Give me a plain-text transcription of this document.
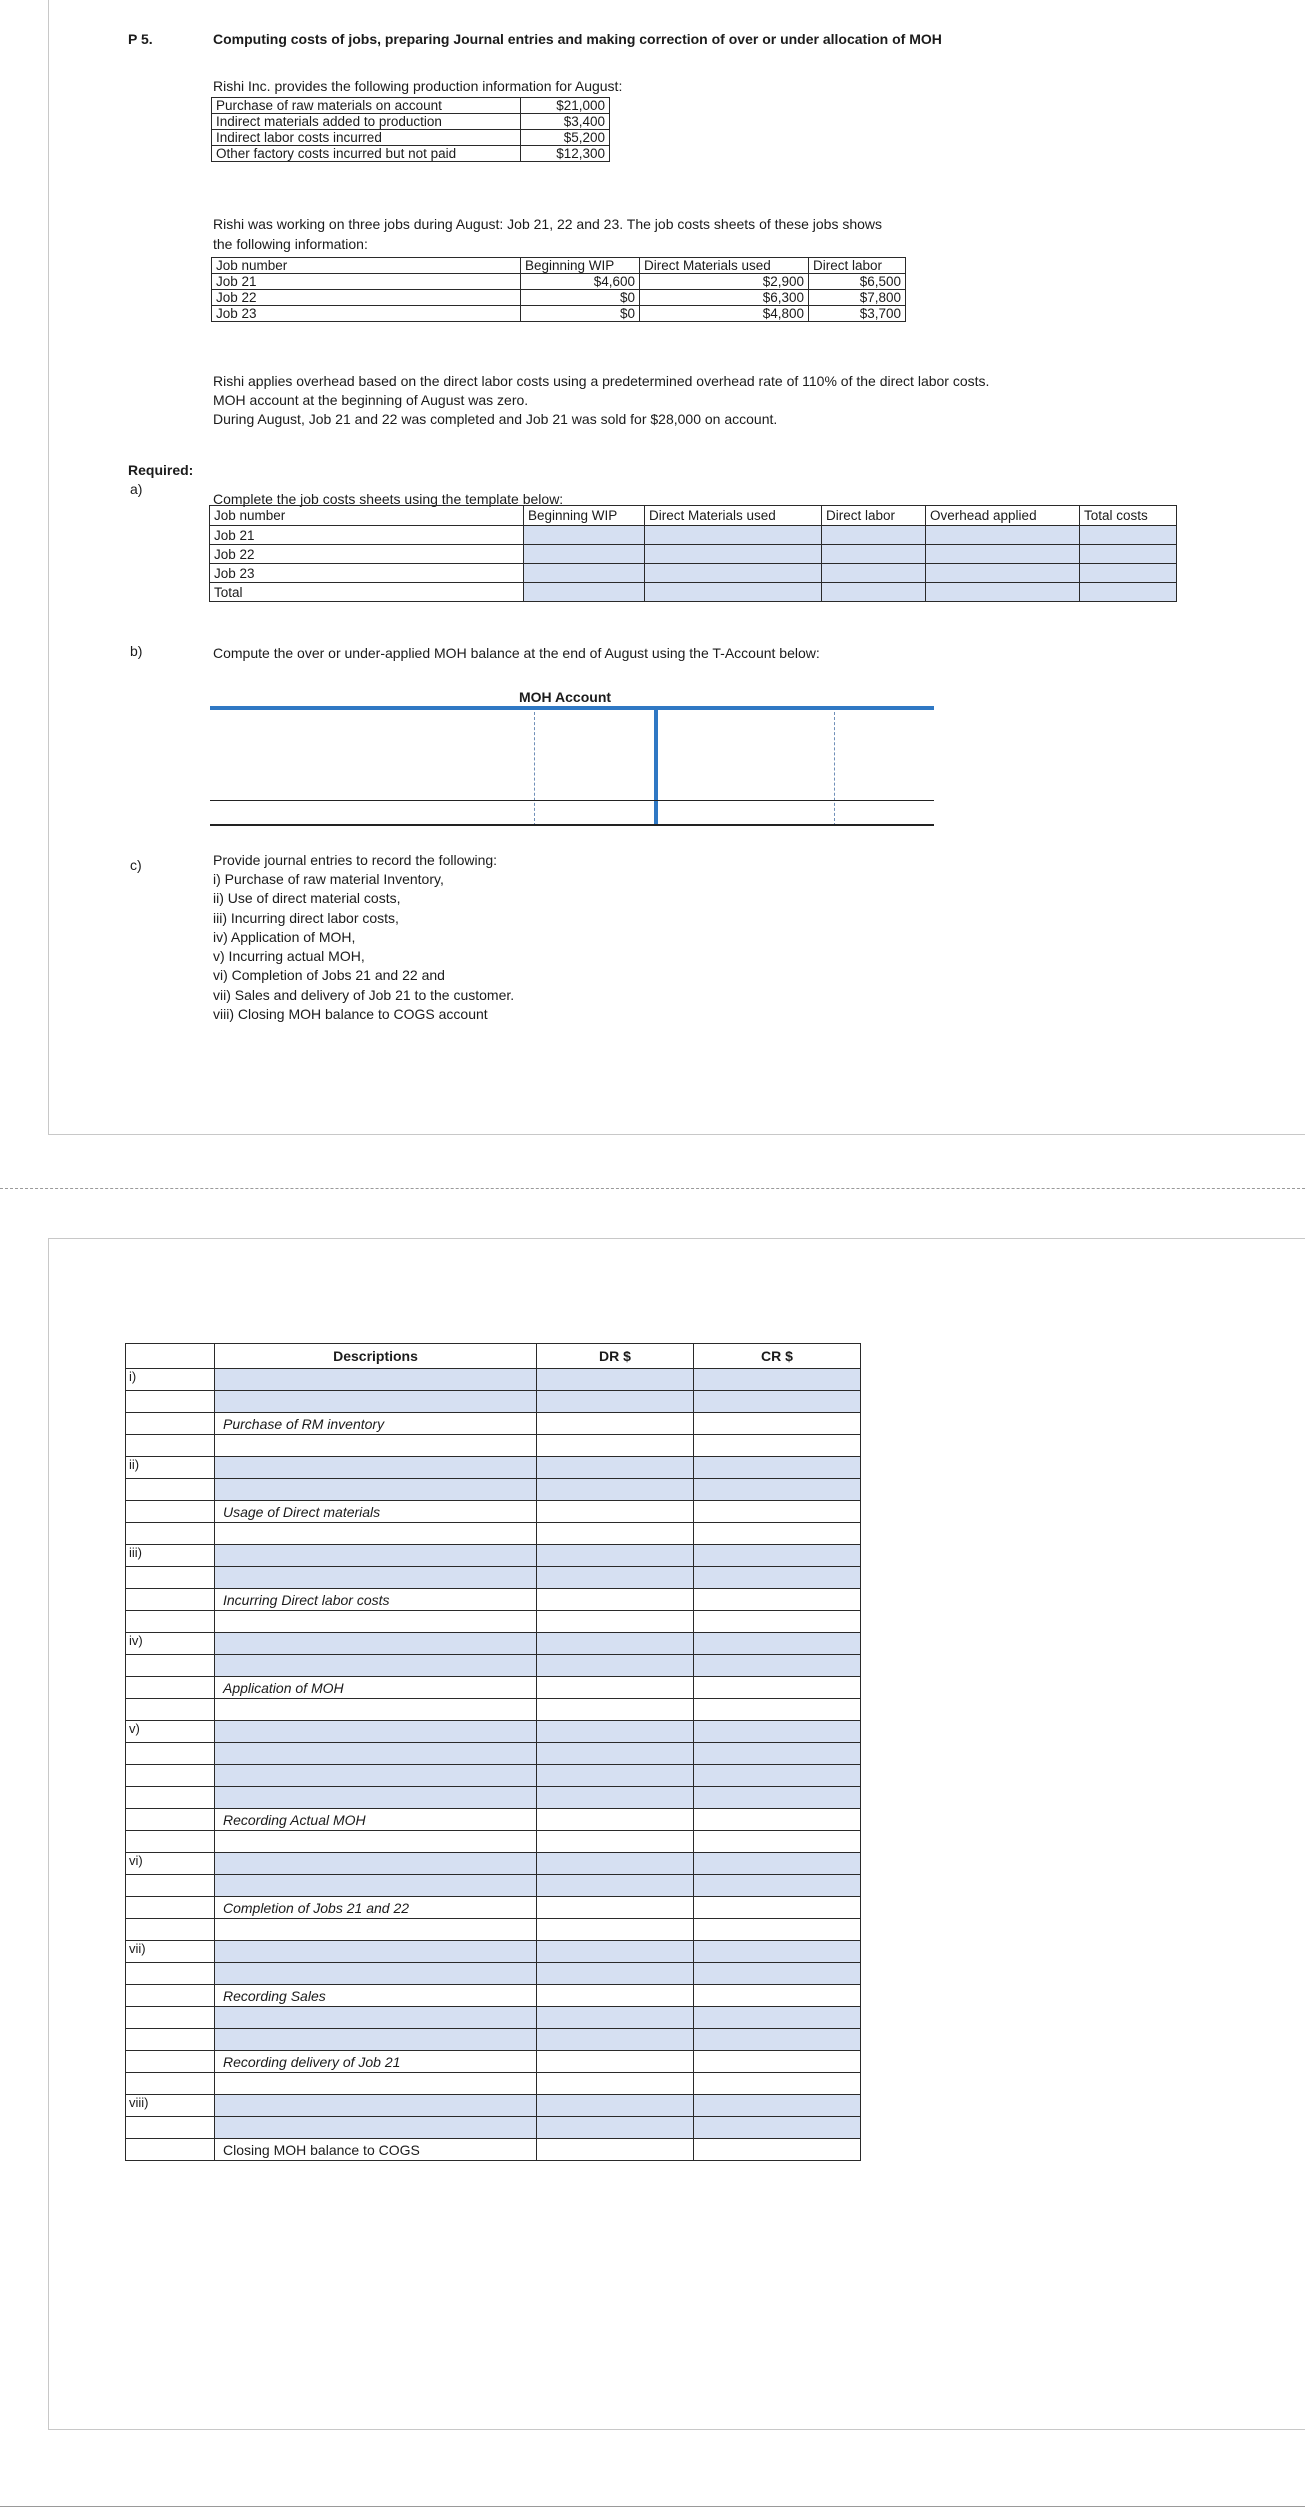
P 5.	Computing costs of jobs, preparing Journal entries and making correction of over or under allocation of MOH
Rishi Inc. provides the following production information for August:
Purchase of raw materials on account	$21,000
Indirect materials added to production	$3,400
Indirect labor costs incurred	$5,200
Other factory costs incurred but not paid	$12,300
Rishi was working on three jobs during August: Job 21, 22 and 23. The job costs sheets of these jobs shows
the following information:
Job number	Beginning WIP	Direct Materials used	Direct labor
Job 21	$4,600	$2,900	$6,500
Job 22	$0	$6,300	$7,800
Job 23	$0	$4,800	$3,700
Rishi applies overhead based on the direct labor costs using a predetermined overhead rate of 110% of the direct labor costs.
MOH account at the beginning of August was zero.
During August, Job 21 and 22 was completed and Job 21 was sold for $28,000 on account.
Required:
a)
Complete the job costs sheets using the template below:
Job number	Beginning WIP	Direct Materials used	Direct labor	Overhead applied	Total costs
Job 21					
Job 22					
Job 23					
Total					
b)	Compute the over or under-applied MOH balance at the end of August using the T-Account below:
MOH Account
c)	Provide journal entries to record the following:
i) Purchase of raw material Inventory,
ii) Use of direct material costs,
iii) Incurring direct labor costs,
iv) Application of MOH,
v) Incurring actual MOH,
vi) Completion of Jobs 21 and 22 and
vii) Sales and delivery of Job 21 to the customer.
viii) Closing MOH balance to COGS account
	Descriptions	DR $	CR $
i)			

	Purchase of RM inventory		

ii)			

	Usage of Direct materials		

iii)			

	Incurring Direct labor costs		

iv)			

	Application of MOH		

v)			

	Recording Actual MOH		

vi)			

	Completion of Jobs 21 and 22		

vii)			

	Recording Sales		

	Recording delivery of Job 21		

viii)			

	Closing MOH balance to COGS		
